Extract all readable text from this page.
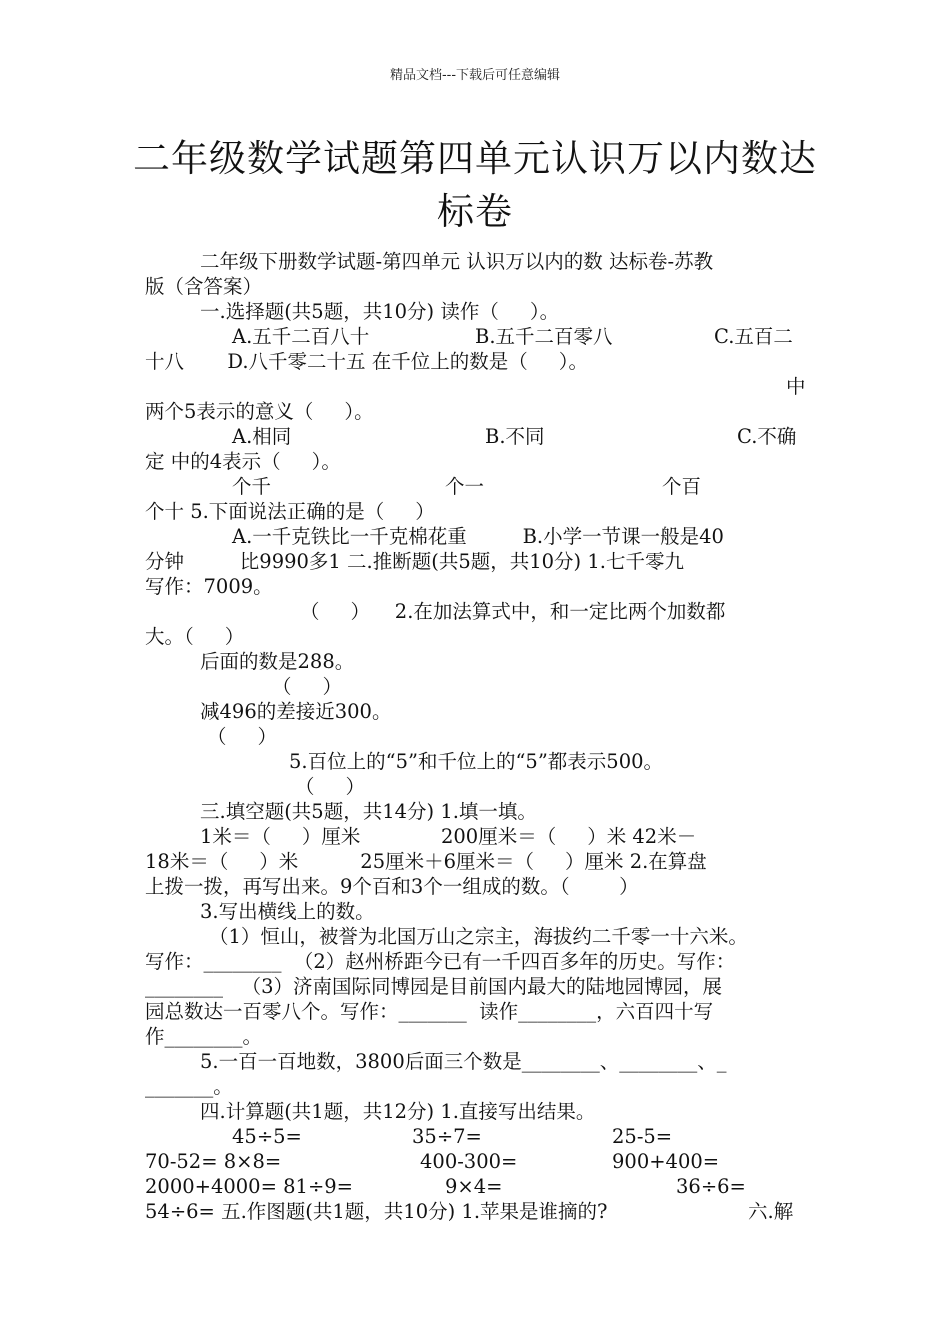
精品文档---下载后可任意编辑
二年级数学试题第四单元认识万以内数达
标卷
二年级下册数学试题-第四单元 认识万以内的数 达标卷-苏教
版（含答案）
一.选择题(共5题，共10分) 读作（     ）。
A.五千二百八十	B.五千二百零八	C.五百二
十八       D.八千零二十五 在千位上的数是（     ）。
中
两个5表示的意义（     ）。
A.相同	B.不同	C.不确
定 中的4表示（     ）。
个千	个一	个百
个十 5.下面说法正确的是（     ）
A.一千克铁比一千克棉花重         B.小学一节课一般是40
分钟         比9990多1 二.推断题(共5题，共10分) 1.七千零九
写作：7009。
（     ）    2.在加法算式中，和一定比两个加数都
大。（     ）
后面的数是288。
（     ）
减496的差接近300。
（     ）
5.百位上的“5”和千位上的“5”都表示500。
（     ）
三.填空题(共5题，共14分) 1.填一填。
1米＝（     ）厘米             200厘米＝（     ）米 42米－
18米＝（     ）米          25厘米＋6厘米＝（     ）厘米 2.在算盘
上拨一拨，再写出来。9个百和3个一组成的数。（        ）
3.写出横线上的数。
（1）恒山，被誉为北国万山之宗主，海拔约二千零一十六米。
写作：________  （2）赵州桥距今已有一千四百多年的历史。写作：
________   （3）济南国际同博园是目前国内最大的陆地园博园，展
园总数达一百零八个。写作：_______  读作________，六百四十写
作________。
5.一百一百地数，3800后面三个数是________、________、_
_______。
四.计算题(共1题，共12分) 1.直接写出结果。
45÷5=	35÷7=	25-5=
70-52= 8×8=	400-300=	900+400=
2000+4000= 81÷9=	9×4=	36÷6=
54÷6= 五.作图题(共1题，共10分) 1.苹果是谁摘的?	六.解
